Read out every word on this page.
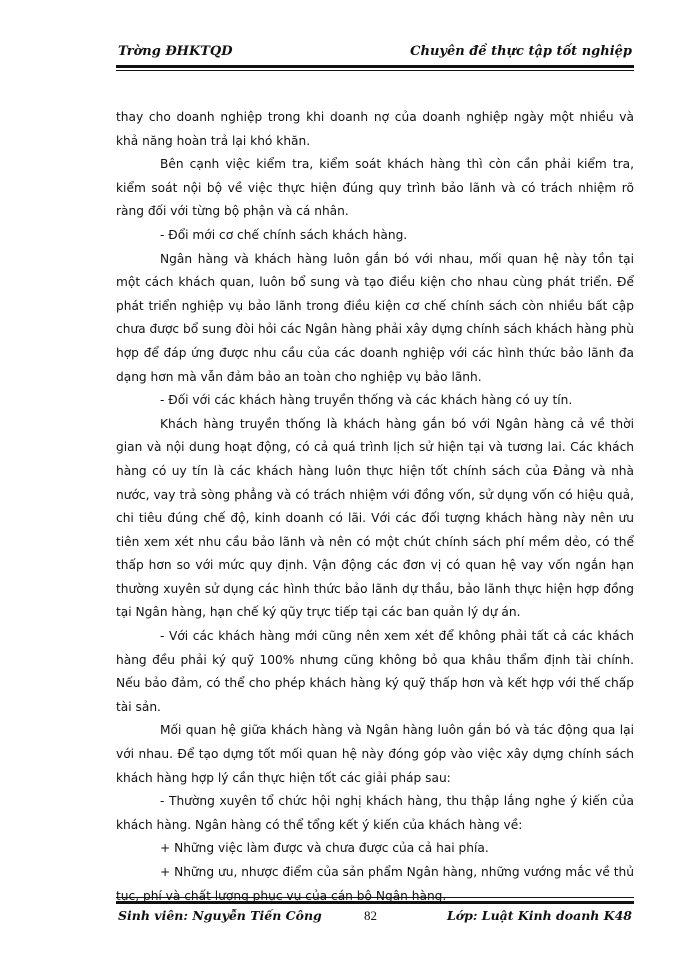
Trờng ĐHKTQD	Chuyên đề thực tập tốt nghiệp

thay cho doanh nghiệp trong khi doanh nợ của doanh nghiệp ngày một nhiều và khả năng hoàn trả lại khó khăn.

Bên cạnh việc kiểm tra, kiểm soát khách hàng thì còn cần phải kiểm tra, kiểm soát nội bộ về việc thực hiện đúng quy trình bảo lãnh và có trách nhiệm rõ ràng đối với từng bộ phận và cá nhân.

- Đổi mới cơ chế chính sách khách hàng.

Ngân hàng và khách hàng luôn gắn bó với nhau, mối quan hệ này tồn tại một cách khách quan, luôn bổ sung và tạo điều kiện cho nhau cùng phát triển. Để phát triển nghiệp vụ bảo lãnh trong điều kiện cơ chế chính sách còn nhiều bất cập chưa được bổ sung đòi hỏi các Ngân hàng phải xây dựng chính sách khách hàng phù hợp để đáp ứng được nhu cầu của các doanh nghiệp với các hình thức bảo lãnh đa dạng hơn mà vẫn đảm bảo an toàn cho nghiệp vụ bảo lãnh.

- Đối với các khách hàng truyền thống và các khách hàng có uy tín.

Khách hàng truyền thống là khách hàng gắn bó với Ngân hàng cả về thời gian và nội dung hoạt động, có cả quá trình lịch sử hiện tại và tương lai. Các khách hàng có uy tín là các khách hàng luôn thực hiện tốt chính sách của Đảng và nhà nước, vay trả sòng phẳng và có trách nhiệm với đồng vốn, sử dụng vốn có hiệu quả, chi tiêu đúng chế độ, kinh doanh có lãi. Với các đối tượng khách hàng này nên ưu tiên xem xét nhu cầu bảo lãnh và nên có một chút chính sách phí mềm dẻo, có thể thấp hơn so với mức quy định. Vận động các đơn vị có quan hệ vay vốn ngắn hạn thường xuyên sử dụng các hình thức bảo lãnh dự thầu, bảo lãnh thực hiện hợp đồng tại Ngân hàng, hạn chế ký qũy trực tiếp tại các ban quản lý dự án.

- Với các khách hàng mới cũng nên xem xét để không phải tất cả các khách hàng đều phải ký quỹ 100% nhưng cũng không bỏ qua khâu thẩm định tài chính. Nếu bảo đảm, có thể cho phép khách hàng ký quỹ thấp hơn và kết hợp với thế chấp tài sản.

Mối quan hệ giữa khách hàng và Ngân hàng luôn gắn bó và tác động qua lại với nhau. Để tạo dựng tốt mối quan hệ này đóng góp vào việc xây dựng chính sách khách hàng hợp lý cần thực hiện tốt các giải pháp sau:

- Thường xuyên tổ chức hội nghị khách hàng, thu thập lắng nghe ý kiến của khách hàng. Ngân hàng có thể tổng kết ý kiến của khách hàng về:

+ Những việc làm được và chưa được của cả hai phía.

+ Những ưu, nhược điểm của sản phẩm Ngân hàng, những vướng mắc về thủ tục, phí và chất lượng phục vụ của cán bộ Ngân hàng.

Sinh viên: Nguyễn Tiến Công	82	Lớp: Luật Kinh doanh K48
